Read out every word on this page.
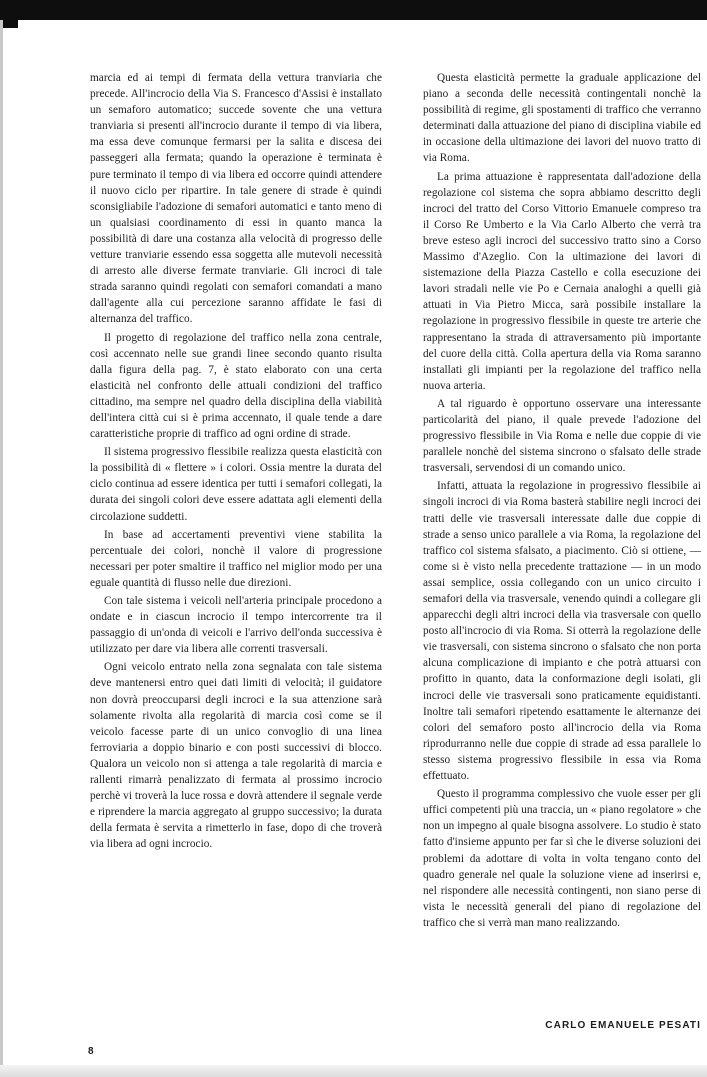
marcia ed ai tempi di fermata della vettura tranviaria che precede. All'incrocio della Via S. Francesco d'Assisi è installato un semaforo automatico; succede sovente che una vettura tranviaria si presenti all'incrocio durante il tempo di via libera, ma essa deve comunque fermarsi per la salita e discesa dei passeggeri alla fermata; quando la operazione è terminata è pure terminato il tempo di via libera ed occorre quindi attendere il nuovo ciclo per ripartire. In tale genere di strade è quindi sconsigliabile l'adozione di semafori automatici e tanto meno di un qualsiasi coordinamento di essi in quanto manca la possibilità di dare una costanza alla velocità di progresso delle vetture tranviarie essendo essa soggetta alle mutevoli necessità di arresto alle diverse fermate tranviarie. Gli incroci di tale strada saranno quindi regolati con semafori comandati a mano dall'agente alla cui percezione saranno affidate le fasi di alternanza del traffico.

Il progetto di regolazione del traffico nella zona centrale, così accennato nelle sue grandi linee secondo quanto risulta dalla figura della pag. 7, è stato elaborato con una certa elasticità nel confronto delle attuali condizioni del traffico cittadino, ma sempre nel quadro della disciplina della viabilità dell'intera città cui si è prima accennato, il quale tende a dare caratteristiche proprie di traffico ad ogni ordine di strade.

Il sistema progressivo flessibile realizza questa elasticità con la possibilità di « flettere » i colori. Ossia mentre la durata del ciclo continua ad essere identica per tutti i semafori collegati, la durata dei singoli colori deve essere adattata agli elementi della circolazione suddetti.

In base ad accertamenti preventivi viene stabilita la percentuale dei colori, nonchè il valore di progressione necessari per poter smaltire il traffico nel miglior modo per una eguale quantità di flusso nelle due direzioni.

Con tale sistema i veicoli nell'arteria principale procedono a ondate e in ciascun incrocio il tempo intercorrente tra il passaggio di un'onda di veicoli e l'arrivo dell'onda successiva è utilizzato per dare via libera alle correnti trasversali.

Ogni veicolo entrato nella zona segnalata con tale sistema deve mantenersi entro quei dati limiti di velocità; il guidatore non dovrà preoccuparsi degli incroci e la sua attenzione sarà solamente rivolta alla regolarità di marcia così come se il veicolo facesse parte di un unico convoglio di una linea ferroviaria a doppio binario e con posti successivi di blocco. Qualora un veicolo non si attenga a tale regolarità di marcia e rallenti rimarrà penalizzato di fermata al prossimo incrocio perchè vi troverà la luce rossa e dovrà attendere il segnale verde e riprendere la marcia aggregato al gruppo successivo; la durata della fermata è servita a rimetterlo in fase, dopo di che troverà via libera ad ogni incrocio.

Questa elasticità permette la graduale applicazione del piano a seconda delle necessità contingentali nonchè la possibilità di regime, gli spostamenti di traffico che verranno determinati dalla attuazione del piano di disciplina viabile ed in occasione della ultimazione dei lavori del nuovo tratto di via Roma.

La prima attuazione è rappresentata dall'adozione della regolazione col sistema che sopra abbiamo descritto degli incroci del tratto del Corso Vittorio Emanuele compreso tra il Corso Re Umberto e la Via Carlo Alberto che verrà tra breve esteso agli incroci del successivo tratto sino a Corso Massimo d'Azeglio. Con la ultimazione dei lavori di sistemazione della Piazza Castello e colla esecuzione dei lavori stradali nelle vie Po e Cernaia analoghi a quelli già attuati in Via Pietro Micca, sarà possibile installare la regolazione in progressivo flessibile in queste tre arterie che rappresentano la strada di attraversamento più importante del cuore della città. Colla apertura della via Roma saranno installati gli impianti per la regolazione del traffico nella nuova arteria.

A tal riguardo è opportuno osservare una interessante particolarità del piano, il quale prevede l'adozione del progressivo flessibile in Via Roma e nelle due coppie di vie parallele nonchè del sistema sincrono o sfalsato delle strade trasversali, servendosi di un comando unico.

Infatti, attuata la regolazione in progressivo flessibile ai singoli incroci di via Roma basterà stabilire negli incroci dei tratti delle vie trasversali interessate dalle due coppie di strade a senso unico parallele a via Roma, la regolazione del traffico col sistema sfalsato, a piacimento. Ciò si ottiene, — come si è visto nella precedente trattazione — in un modo assai semplice, ossia collegando con un unico circuito i semafori della via trasversale, venendo quindi a collegare gli apparecchi degli altri incroci della via trasversale con quello posto all'incrocio di via Roma. Si otterrà la regolazione delle vie trasversali, con sistema sincrono o sfalsato che non porta alcuna complicazione di impianto e che potrà attuarsi con profitto in quanto, data la conformazione degli isolati, gli incroci delle vie trasversali sono praticamente equidistanti. Inoltre tali semafori ripetendo esattamente le alternanze dei colori del semaforo posto all'incrocio della via Roma riprodurranno nelle due coppie di strade ad essa parallele lo stesso sistema progressivo flessibile in essa via Roma effettuato.

Questo il programma complessivo che vuole esser per gli uffici competenti più una traccia, un « piano regolatore » che non un impegno al quale bisogna assolvere. Lo studio è stato fatto d'insieme appunto per far sì che le diverse soluzioni dei problemi da adottare di volta in volta tengano conto del quadro generale nel quale la soluzione viene ad inserirsi e, nel rispondere alle necessità contingenti, non siano perse di vista le necessità generali del piano di regolazione del traffico che si verrà man mano realizzando.

CARLO EMANUELE PESATI
8
